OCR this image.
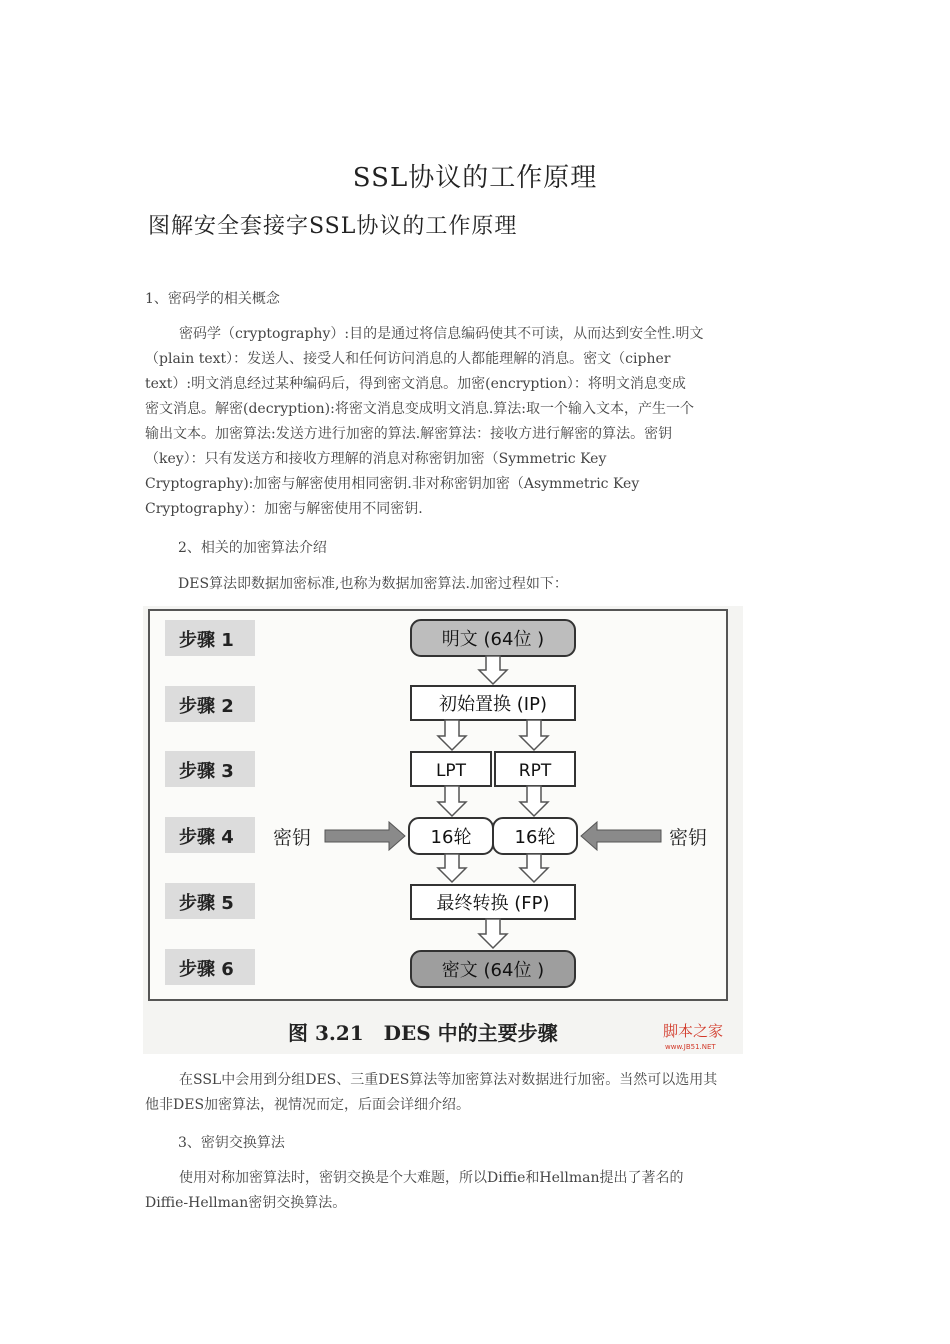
SSL协议的工作原理
图解安全套接字SSL协议的工作原理
1、密码学的相关概念
密码学（cryptography）:目的是通过将信息编码使其不可读，从而达到安全性.明文
（plain text）：发送人、接受人和任何访问消息的人都能理解的消息。密文（cipher
text）:明文消息经过某种编码后，得到密文消息。加密(encryption）：将明文消息变成
密文消息。解密(decryption):将密文消息变成明文消息.算法:取一个输入文本，产生一个
输出文本。加密算法:发送方进行加密的算法.解密算法：接收方进行解密的算法。密钥
（key）：只有发送方和接收方理解的消息对称密钥加密（Symmetric Key
Cryptography):加密与解密使用相同密钥.非对称密钥加密（Asymmetric Key
Cryptography）：加密与解密使用不同密钥.
2、相关的加密算法介绍
DES算法即数据加密标准,也称为数据加密算法.加密过程如下：
步骤 1
步骤 2
步骤 3
步骤 4
步骤 5
步骤 6
明文 (64位 )
初始置换 (IP)
LPT	RPT
16轮 16轮
密钥	密钥
最终转换 (FP)
密文 (64位 )
图 3.21　DES 中的主要步骤	脚本之家
www.JB51.NET
在SSL中会用到分组DES、三重DES算法等加密算法对数据进行加密。当然可以选用其
他非DES加密算法，视情况而定，后面会详细介绍。
3、密钥交换算法
使用对称加密算法时，密钥交换是个大难题，所以Diffie和Hellman提出了著名的
Diffie-Hellman密钥交换算法。
